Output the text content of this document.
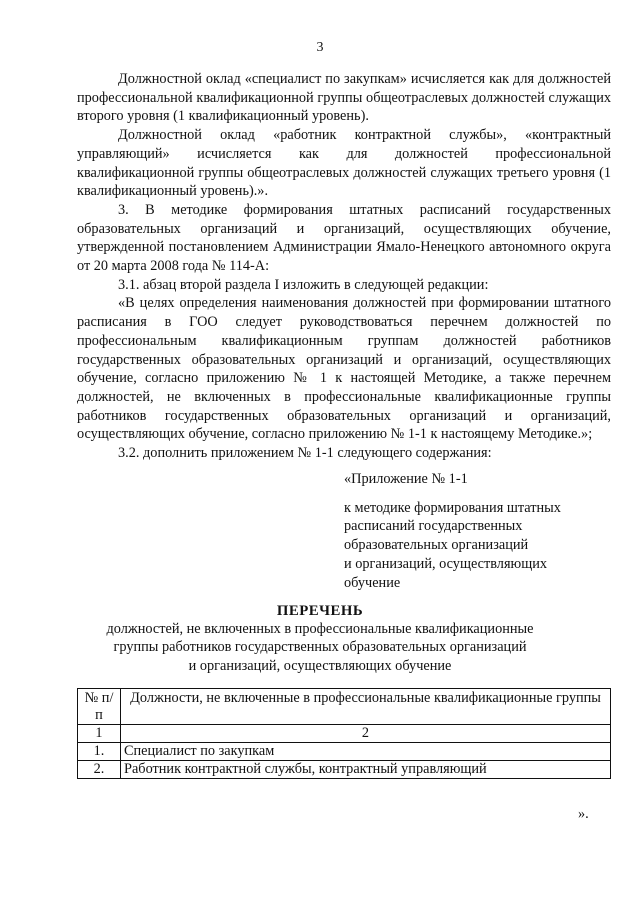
3

Должностной оклад «специалист по закупкам» исчисляется как для должностей профессиональной квалификационной группы общеотраслевых должностей служащих второго уровня (1 квалификационный уровень).

Должностной оклад «работник контрактной службы», «контрактный управляющий» исчисляется как для должностей профессиональной квалификационной группы общеотраслевых должностей служащих третьего уровня (1 квалификационный уровень).».

3. В методике формирования штатных расписаний государственных образовательных организаций и организаций, осуществляющих обучение, утвержденной постановлением Администрации Ямало-Ненецкого автономного округа от 20 марта 2008 года № 114-А:

3.1. абзац второй раздела I изложить в следующей редакции:

«В целях определения наименования должностей при формировании штатного расписания в ГОО следует руководствоваться перечнем должностей по профессиональным квалификационным группам должностей работников государственных образовательных организаций и организаций, осуществляющих обучение, согласно приложению № 1 к настоящей Методике, а также перечнем должностей, не включенных в профессиональные квалификационные группы работников государственных образовательных организаций и организаций, осуществляющих обучение, согласно приложению № 1-1 к настоящему Методике.»;

3.2. дополнить приложением № 1-1 следующего содержания:

«Приложение № 1-1

к методике формирования штатных

расписаний государственных

образовательных организаций

и организаций, осуществляющих

обучение

ПЕРЕЧЕНЬ
должностей, не включенных в профессиональные квалификационные
группы работников государственных образовательных организаций
и организаций, осуществляющих обучение
№ п/п	Должности, не включенные в профессиональные квалификационные группы
1	2
1.	Специалист по закупкам
2.	Работник контрактной службы, контрактный управляющий
».
